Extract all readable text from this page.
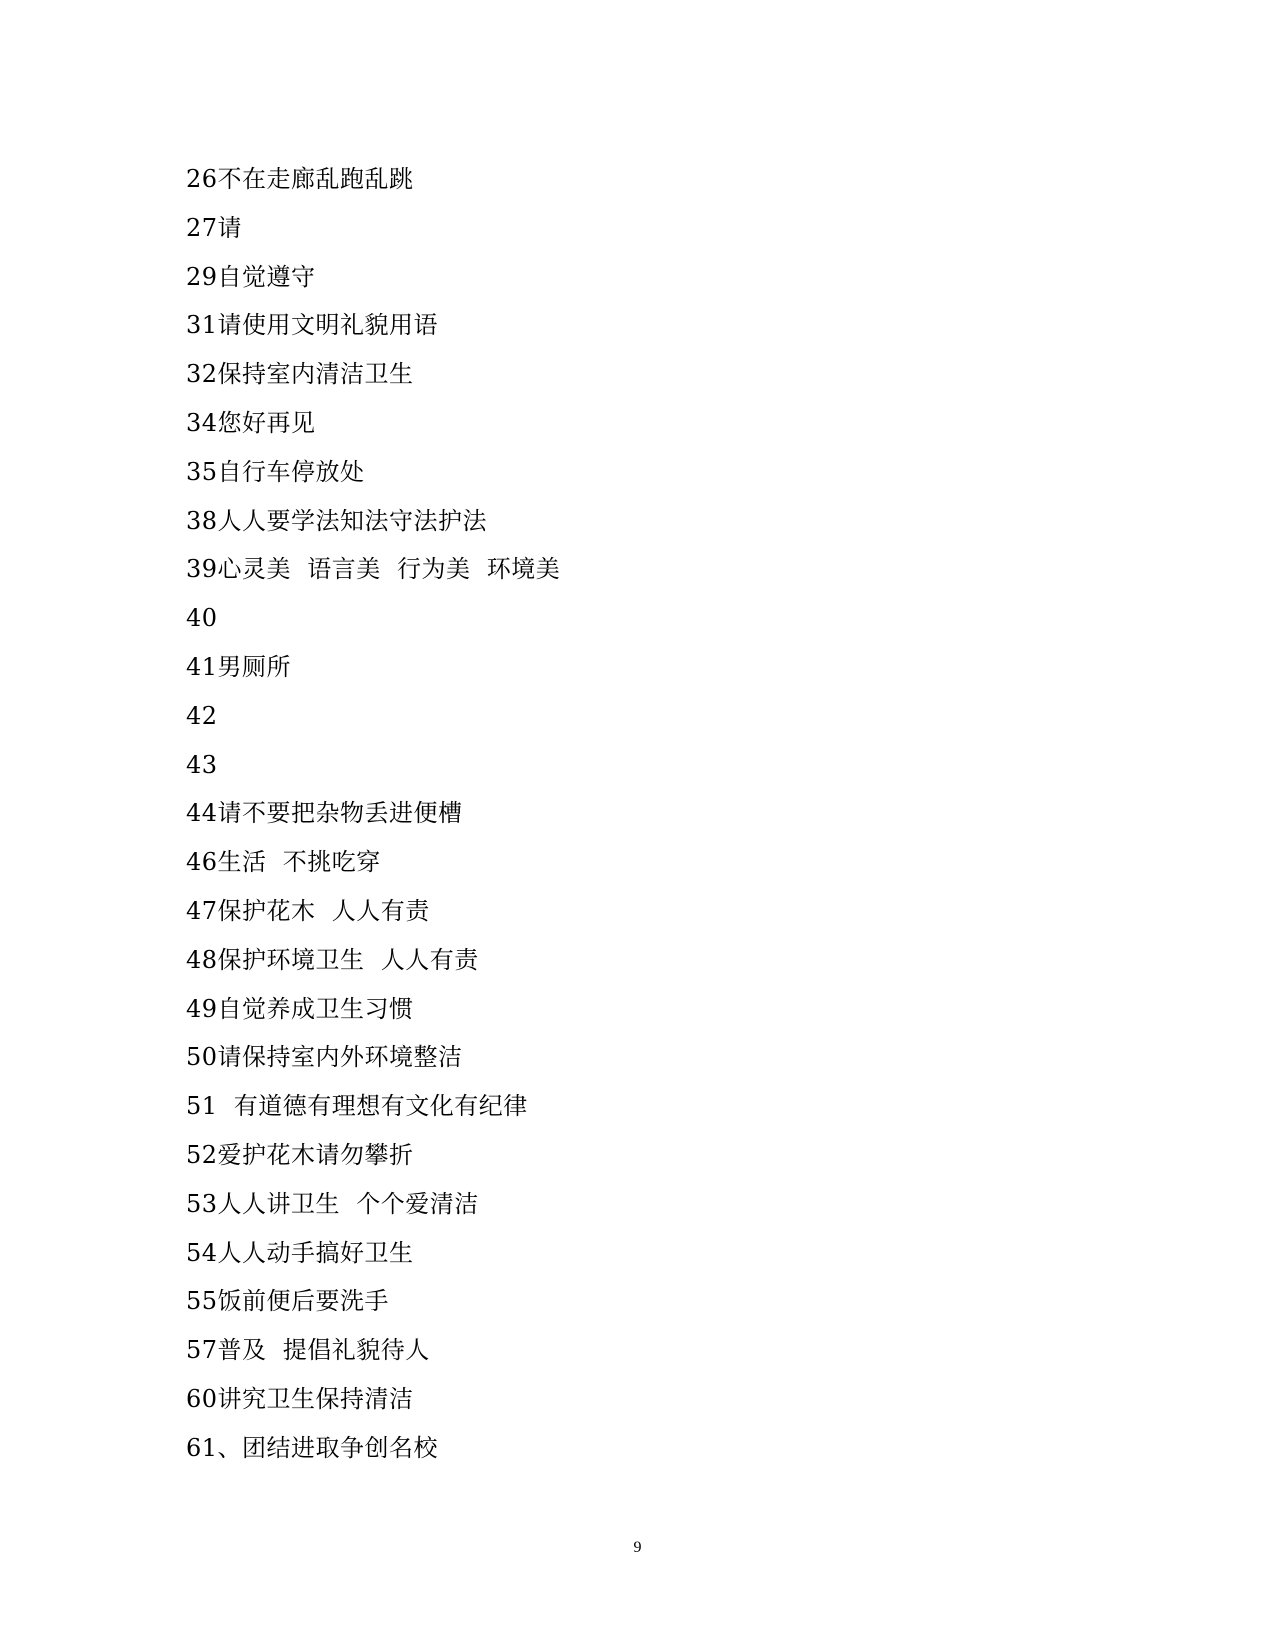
26不在走廊乱跑乱跳
27请
29自觉遵守
31请使用文明礼貌用语
32保持室内清洁卫生
34您好再见
35自行车停放处
38人人要学法知法守法护法
39心灵美  语言美  行为美  环境美
40
41男厕所
42
43
44请不要把杂物丢进便槽
46生活  不挑吃穿
47保护花木  人人有责
48保护环境卫生  人人有责
49自觉养成卫生习惯
50请保持室内外环境整洁
51  有道德有理想有文化有纪律
52爱护花木请勿攀折
53人人讲卫生  个个爱清洁
54人人动手搞好卫生
55饭前便后要洗手
57普及  提倡礼貌待人
60讲究卫生保持清洁
61、团结进取争创名校
9
